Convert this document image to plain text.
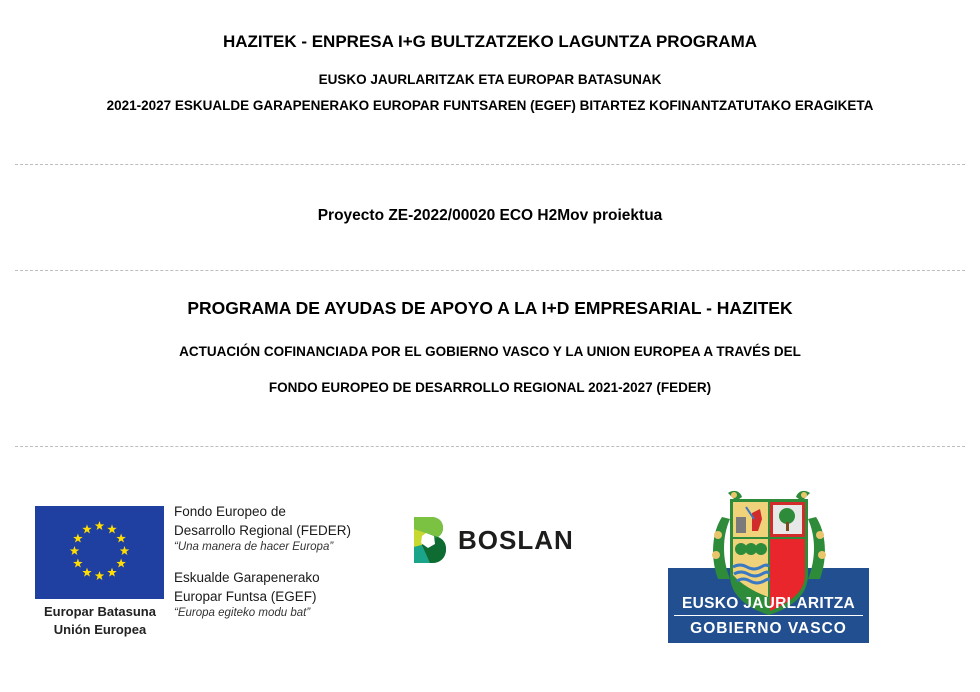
HAZITEK - ENPRESA I+G BULTZATZEKO LAGUNTZA PROGRAMA
EUSKO JAURLARITZAK ETA EUROPAR BATASUNAK
2021-2027 ESKUALDE GARAPENERAKO EUROPAR FUNTSAREN (EGEF) BITARTEZ KOFINANTZATUTAKO ERAGIKETA
Proyecto ZE-2022/00020 ECO H2Mov proiektua
PROGRAMA DE AYUDAS DE APOYO A LA I+D EMPRESARIAL - HAZITEK
ACTUACIÓN COFINANCIADA POR EL GOBIERNO VASCO Y LA UNION EUROPEA A TRAVÉS DEL
FONDO EUROPEO DE DESARROLLO REGIONAL 2021-2027 (FEDER)
Europar Batasuna
Unión Europea
Fondo Europeo de
Desarrollo Regional (FEDER)
“Una manera de hacer Europa”
Eskualde Garapenerako
Europar Funtsa (EGEF)
“Europa egiteko modu bat”
BOSLAN
EUSKO JAURLARITZA
GOBIERNO VASCO
